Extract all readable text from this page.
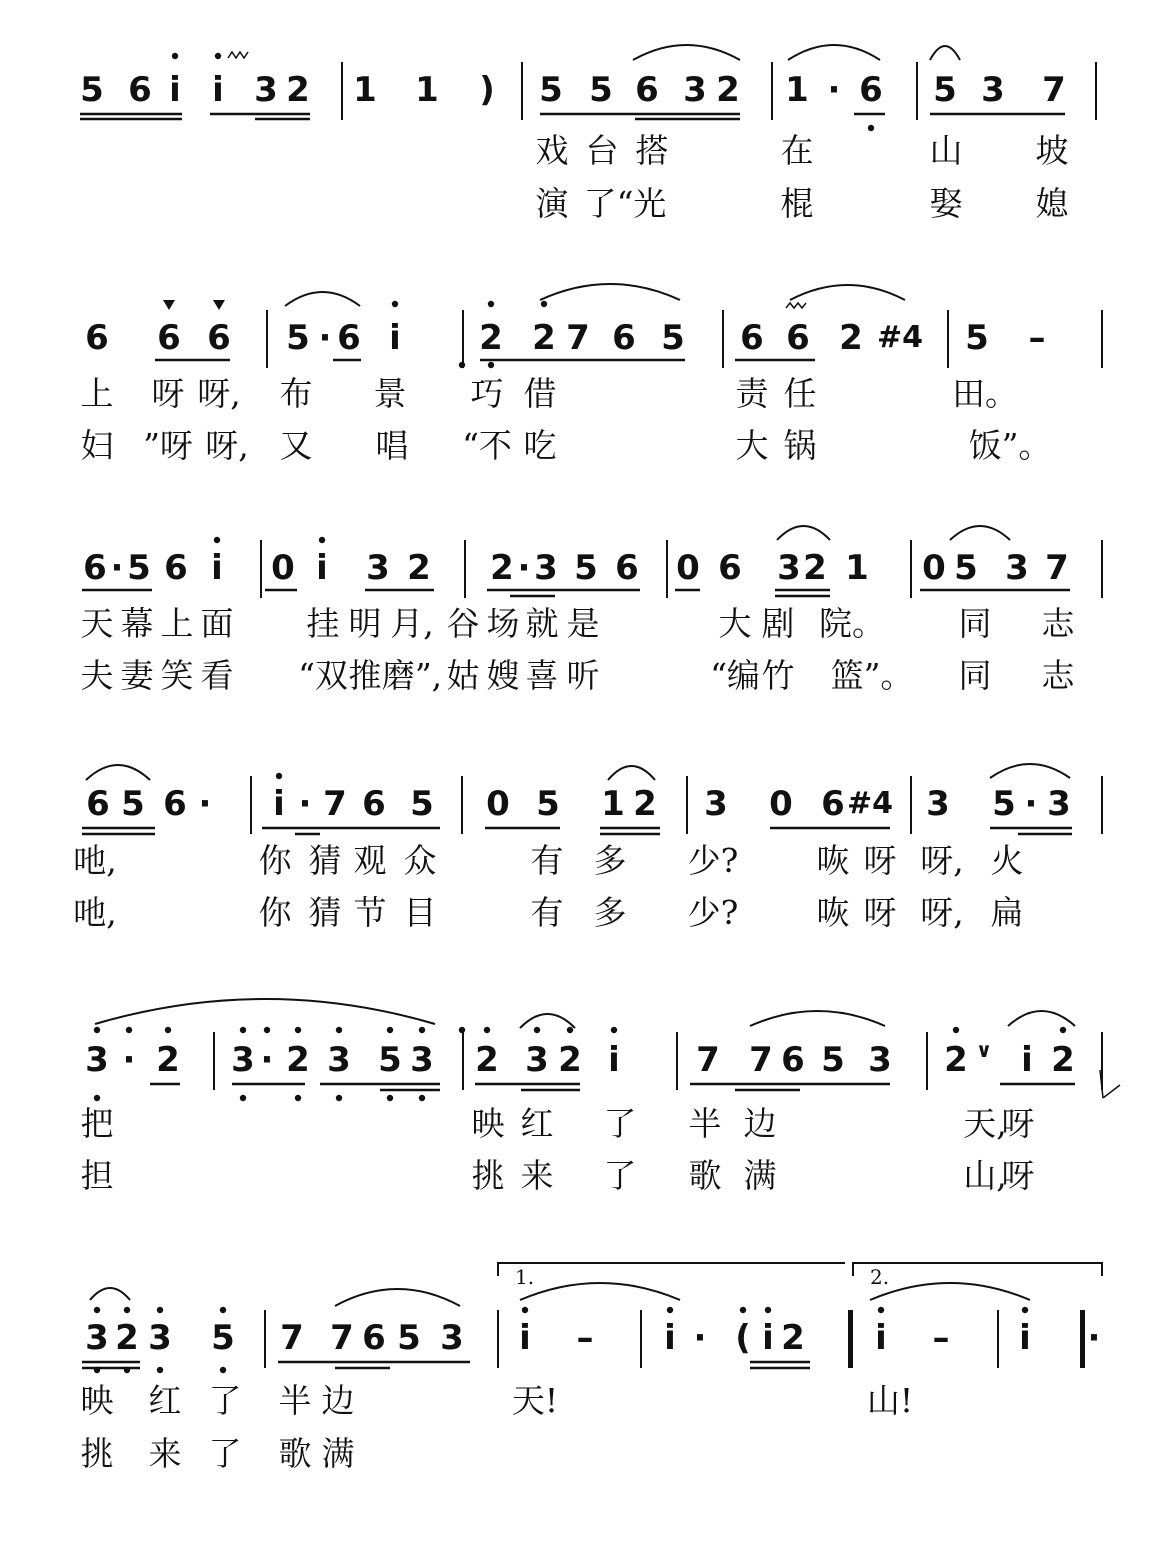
5 6 i i 3 2 1 1 ) 5 5 6 3 2 1 · 6 5 3 7
戏 台 搭	在	山 坡
演 了“光	棍	娶 媳
6 6 6 5 · 6 i 2 2 7 6 5 6 6 2 #4 5 –
上 呀 呀, 布 景 巧 借	责 任	田。
妇 ”呀 呀, 又 唱 “不 吃	大 锅	饭”。
6 · 5 6 i 0 i 3 2 2 · 3 5 6 0 6 3 2 1 0 5 3 7
天 幕 上 面 挂 明 月, 谷 场 就 是	大 剧 院。 同 志
夫 妻 笑 看 “双 推 磨”, 姑 嫂 喜 听	“编 竹 篮”。 同 志
6 5 6 · i · 7 6 5 0 5 1 2 3 0 6 #4 3 5 · 3
吔,	你 猜 观 众	有 多 少? 咴 呀 呀, 火
吔,	你 猜 节 目	有 多 少? 咴 呀 呀, 扁
3 · 2 3 · 2 3 5 3 2 3 2 i 7 7 6 5 3 2 ∨ i 2
把	映 红 了 半 边	天,
呀
担	挑 来 了 歌 满	山,
呀
3 2 3 5 7 7 6 5 3 i – i · ( i 2 i – i ·
映 红 了 半 边	天!	山!
挑 来 了 歌 满
1.	2.
